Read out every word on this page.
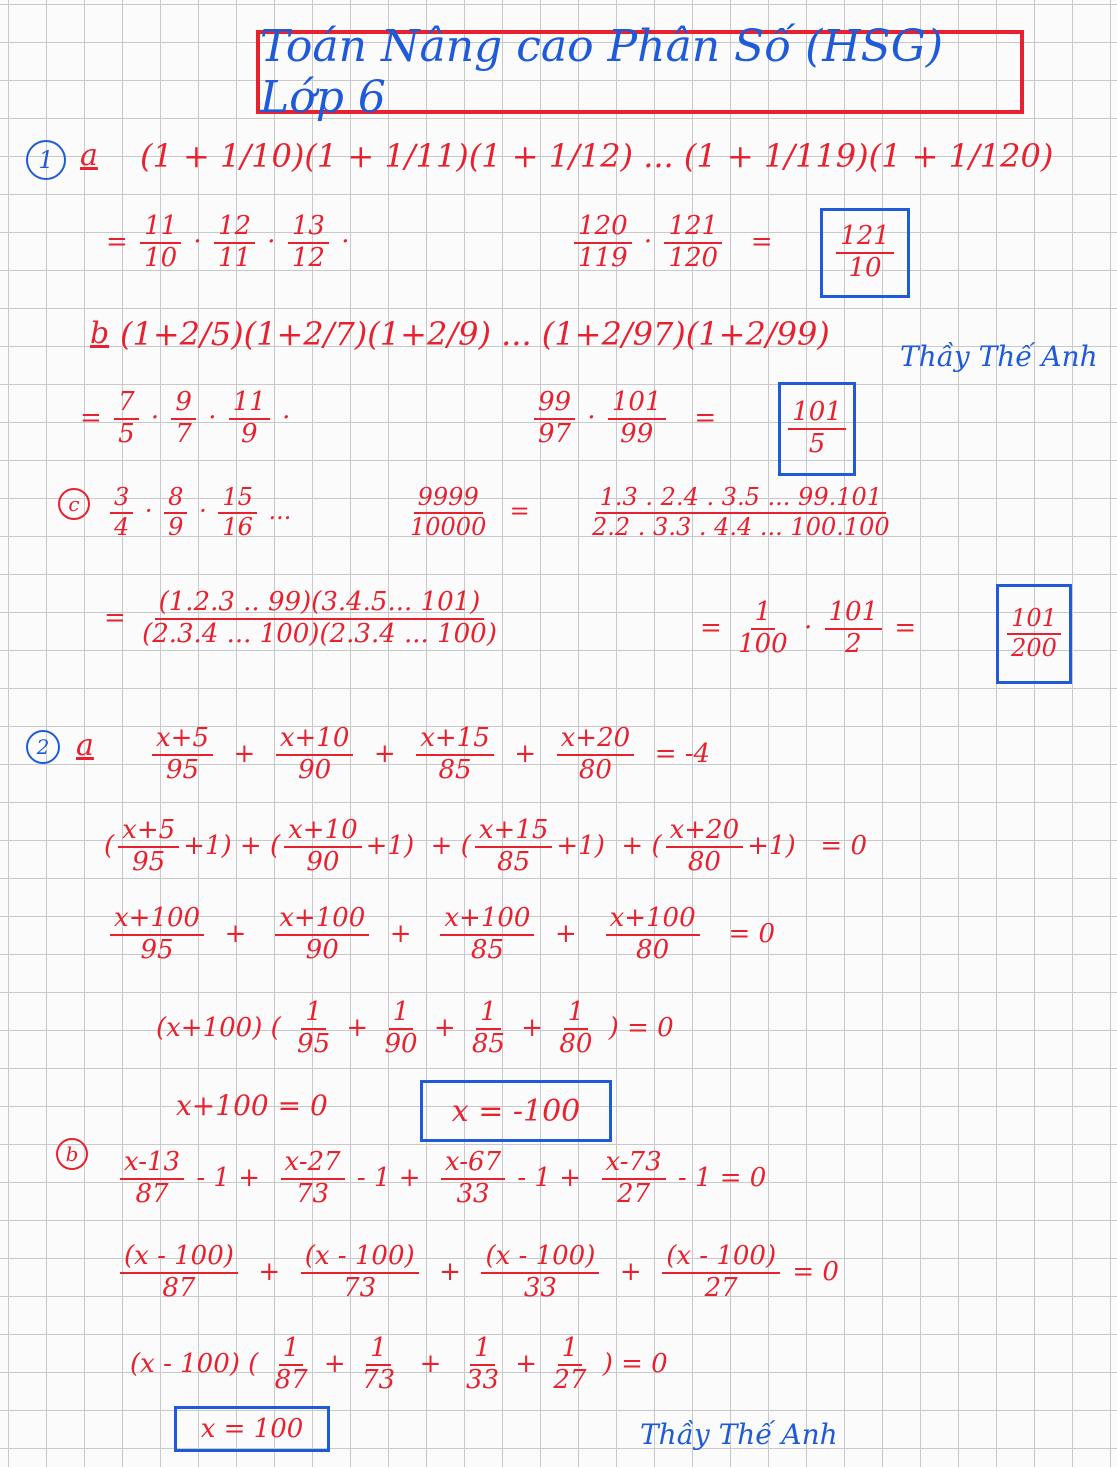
Toán Nâng cao Phân Số (HSG) Lớp 6
1 a (1 + 1/10)(1 + 1/11)(1 + 1/12) ... (1 + 1/119)(1 + 1/120)
= $\frac{11}{10} \cdot \frac{12}{11} \cdot \frac{13}{12}$ ·	$\frac{120}{119} \cdot \frac{121}{120} = \frac{121}{10}$
b (1+2/5)(1+2/7)(1+2/9) ... (1+2/97)(1+2/99)
Thầy Thế Anh
= $\frac{7}{5} \cdot \frac{9}{7} \cdot \frac{11}{9}$ ·	$\frac{99}{97} \cdot \frac{101}{99}$ =	$\frac{101}{5}$
c	$\frac{3}{4} \cdot \frac{8}{9} \cdot \frac{15}{16}$ ...	$\frac{9999}{10000} = \frac{1.3 . 2.4 . 3.5 ... 99.101}{2.2 . 3.3 . 4.4 ... 100.100}$
= $\frac{(1.2.3 .. 99)(3.4.5... 101)}{(2.3.4 ... 100)(2.3.4 ... 100)}$	= $\frac{1}{100} \cdot \frac{101}{2}$ =	$\frac{101}{200}$
2 a $\frac{x+5}{95} + \frac{x+10}{90} + \frac{x+15}{85} + \frac{x+20}{80} = -4$
( $\frac{x+5}{95} +1$) + ( $\frac{x+10}{90} +1$)  + ( $\frac{x+15}{85} +1$)  + ( $\frac{x+20}{80} +1) = 0$
$\frac{x+100}{95} + \frac{x+100}{90} + \frac{x+100}{85} + \frac{x+100}{80} = 0$
(x+100) ( $\frac{1}{95} + \frac{1}{90} + \frac{1}{85} + \frac{1}{80}$ ) = 0
x+100 = 0	x = -100
b	$\frac{x-13}{87} - 1 + \frac{x-27}{73} - 1 + \frac{x-67}{33} - 1 + \frac{x-73}{27} - 1 = 0$
$\frac{(x - 100)}{87} + \frac{(x - 100)}{73} + \frac{(x - 100)}{33} + \frac{(x - 100)}{27} = 0$
(x - 100) ( $\frac{1}{87} + \frac{1}{73} + \frac{1}{33} + \frac{1}{27}$ ) = 0
x = 100	Thầy Thế Anh
